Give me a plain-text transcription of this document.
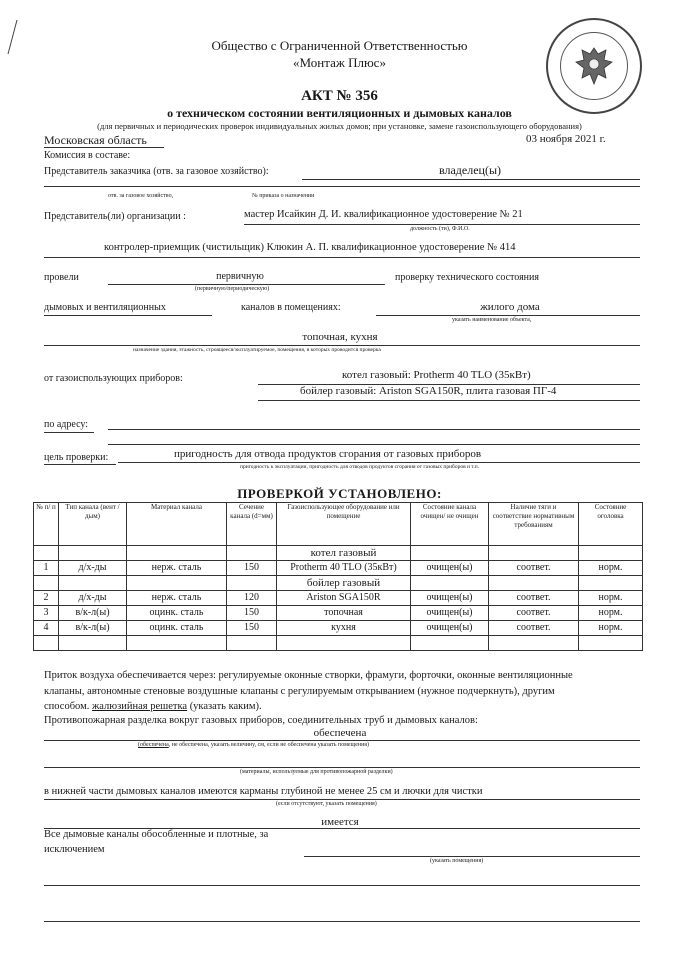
Общество с Ограниченной Ответственностью
«Монтаж Плюс»
АКТ № 356
о техническом состоянии вентиляционных и дымовых каналов
(для первичных и периодических проверок индивидуальных жилых домов; при установке, замене газоиспользующего оборудования)
Московская область	03 ноября 2021 г.
Комиссия в составе:
Представитель заказчика (отв. за газовое хозяйство):	владелец(ы)
отв. за газовое хозяйство,	№ приказа о назначении
Представитель(ли) организации :	мастер Исайкин Д. И. квалификационное удостоверение № 21
должность (ти), Ф.И.О.
контролер-приемщик (чистильщик) Клюкин А. П. квалификационное удостоверение № 414
провели	первичную
(первичную/периодическую)
проверку технического состояния
дымовых и вентиляционных	каналов в помещениях:	жилого дома
указать наименование объекта,
топочная, кухня
назначение здания, этажность, строящееся/эксплуатируемое, помещения, в которых проводится проверка
от газоиспользующих приборов:	котел газовый: Protherm 40 TLO (35кВт)
бойлер газовый: Ariston SGA150R, плита газовая ПГ-4
по адресу:
цель проверки:	пригодность для отвода продуктов сгорания от газовых приборов
пригодность к эксплуатации, пригодность для отводов продуктов сгорания от газовых приборов и т.п.
ПРОВЕРКОЙ УСТАНОВЛЕНО:
№ п/ п	Тип канала (вент /дым)	Материал канала	Сечение канала (d=мм)	Газоиспользующее оборудование или помещение	Состояние канала очищен/ не очищен	Наличие тяги и соответствие нормативным требованиям	Состояние оголовка
				котел газовый			
1	д/х-ды	нерж. сталь	150	Protherm 40 TLO (35кВт)	очищен(ы)	соответ.	норм.
				бойлер газовый			
2	д/х-ды	нерж. сталь	120	Ariston SGA150R	очищен(ы)	соответ.	норм.
3	в/к-л(ы)	оцинк. сталь	150	топочная	очищен(ы)	соответ.	норм.
4	в/к-л(ы)	оцинк. сталь	150	кухня	очищен(ы)	соответ.	норм.

Приток воздуха обеспечивается через: регулируемые оконные створки, фрамуги, форточки, оконные вентиляционные
клапаны, автономные стеновые воздушные клапаны с регулируемым открыванием (нужное подчеркнуть), другим
способом. жалюзийная решетка (указать каким).
Противопожарная разделка вокруг газовых приборов, соединительных труб и дымовых каналов:
обеспечена
(обеспечена, не обеспечена, указать величину, см, если не обеспечена указать помещения)
(материалы, используемые для противопожарной разделки)
в нижней части дымовых каналов имеются карманы глубиной не менее 25 см и лючки для чистки
(если отсутствуют, указать помещения)
имеется
Все дымовые каналы обособленные и плотные, за
исключением
(указать помещения)
